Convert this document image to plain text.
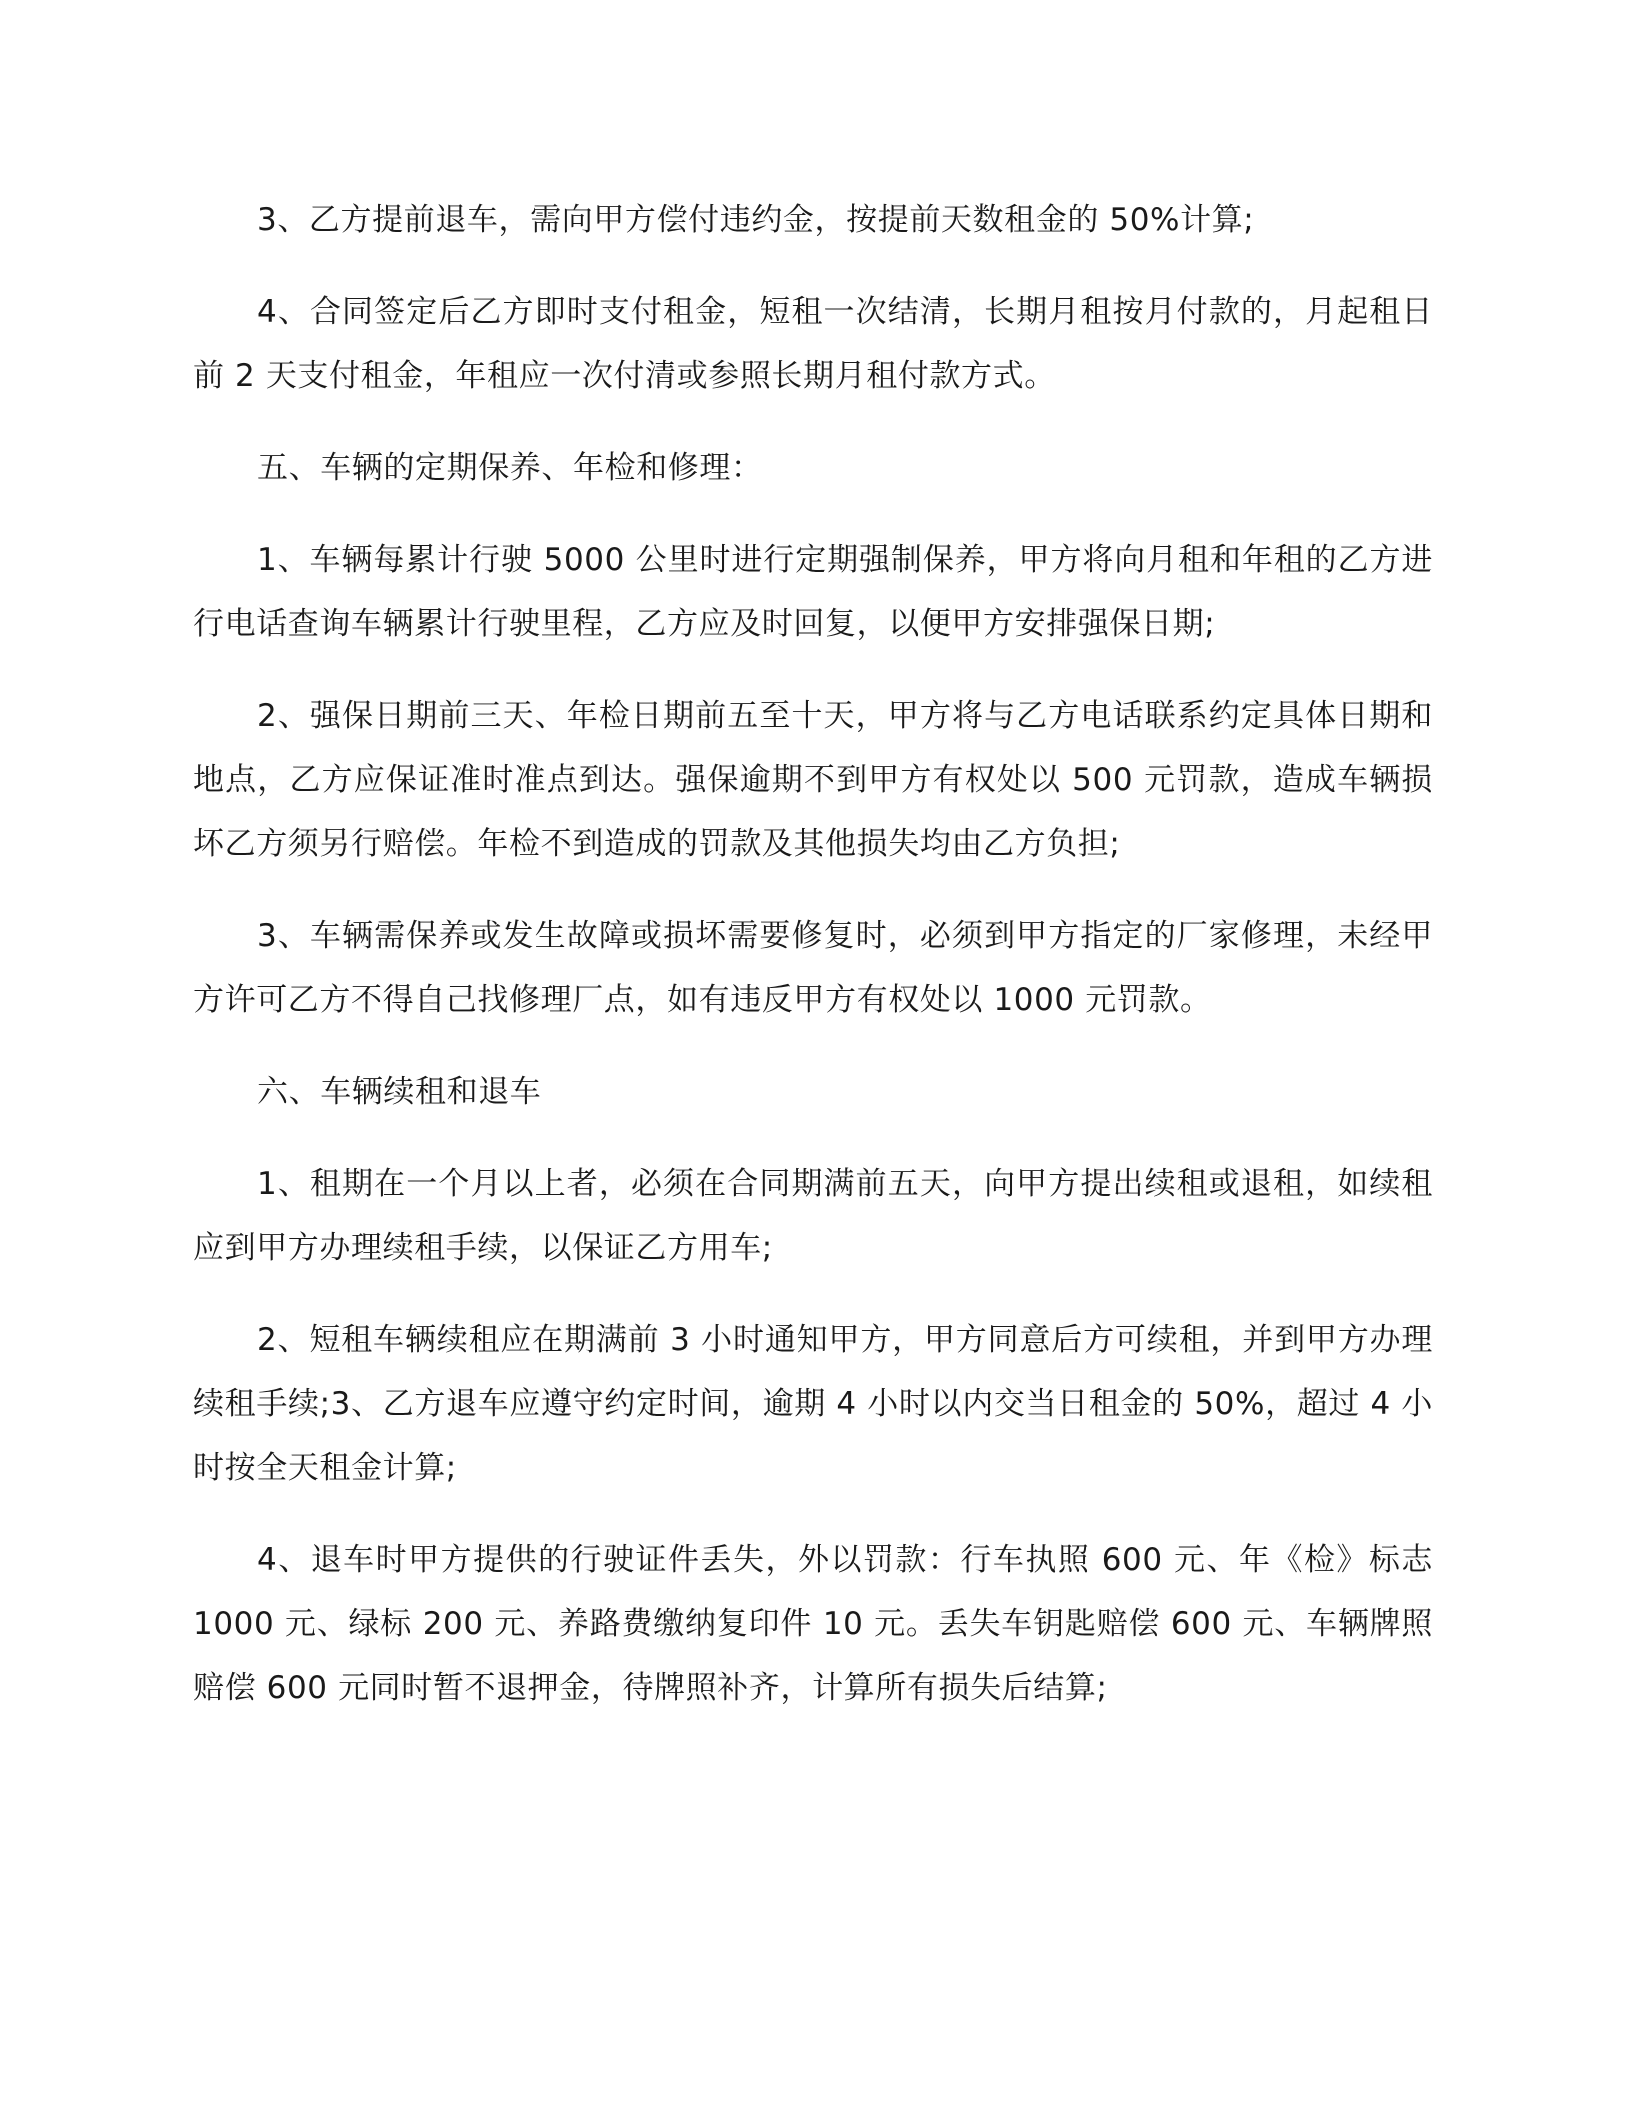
3、乙方提前退车，需向甲方偿付违约金，按提前天数租金的 50%计算;

4、合同签定后乙方即时支付租金，短租一次结清，长期月租按月付款的，月起租日前 2 天支付租金，年租应一次付清或参照长期月租付款方式。

五、车辆的定期保养、年检和修理：

1、车辆每累计行驶 5000 公里时进行定期强制保养，甲方将向月租和年租的乙方进行电话查询车辆累计行驶里程，乙方应及时回复，以便甲方安排强保日期;

2、强保日期前三天、年检日期前五至十天，甲方将与乙方电话联系约定具体日期和地点，乙方应保证准时准点到达。强保逾期不到甲方有权处以 500 元罚款，造成车辆损坏乙方须另行赔偿。年检不到造成的罚款及其他损失均由乙方负担;

3、车辆需保养或发生故障或损坏需要修复时，必须到甲方指定的厂家修理，未经甲方许可乙方不得自己找修理厂点，如有违反甲方有权处以 1000 元罚款。

六、车辆续租和退车

1、租期在一个月以上者，必须在合同期满前五天，向甲方提出续租或退租，如续租应到甲方办理续租手续，以保证乙方用车;

2、短租车辆续租应在期满前 3 小时通知甲方，甲方同意后方可续租，并到甲方办理续租手续;3、乙方退车应遵守约定时间，逾期 4 小时以内交当日租金的 50%，超过 4 小时按全天租金计算;

4、退车时甲方提供的行驶证件丢失，外以罚款：行车执照 600 元、年《检》标志 1000 元、绿标 200 元、养路费缴纳复印件 10 元。丢失车钥匙赔偿 600 元、车辆牌照赔偿 600 元同时暂不退押金，待牌照补齐，计算所有损失后结算;
